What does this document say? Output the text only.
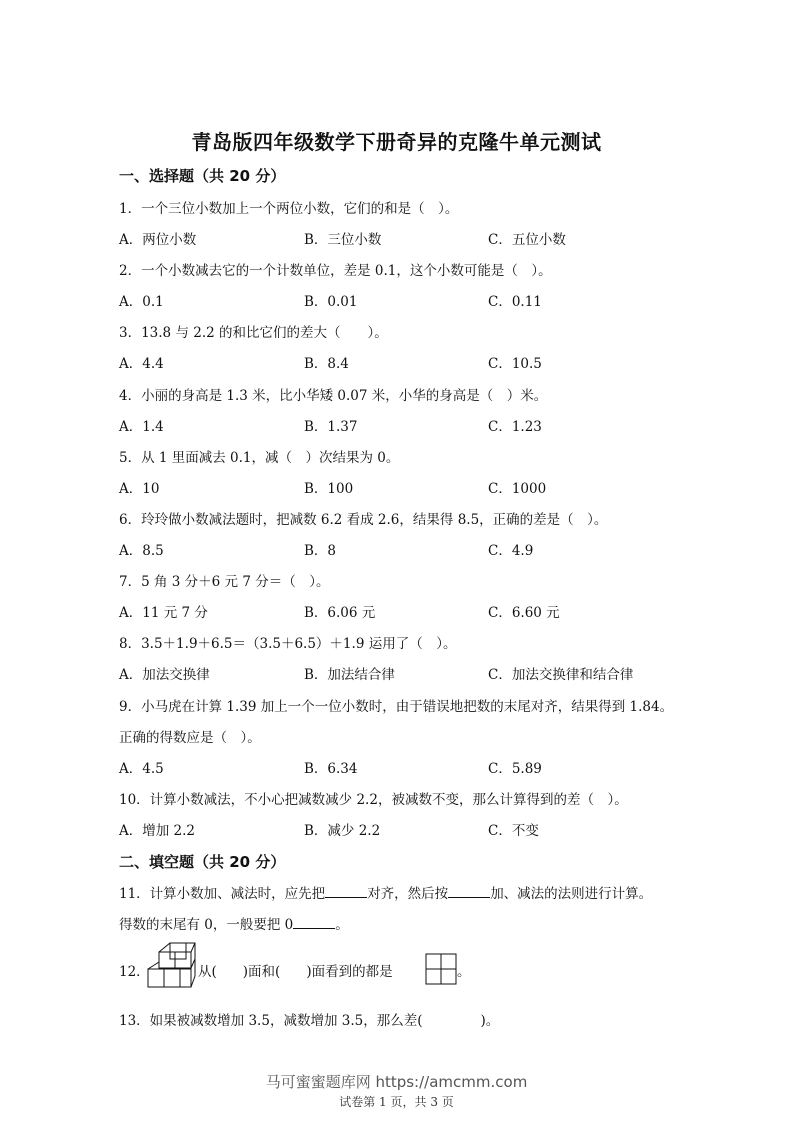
青岛版四年级数学下册奇异的克隆牛单元测试
一、选择题（共 20 分）
1．一个三位小数加上一个两位小数，它们的和是（　）。
A．两位小数	B．三位小数	C．五位小数
2．一个小数减去它的一个计数单位，差是 0.1，这个小数可能是（　）。
A．0.1	B．0.01	C．0.11
3．13.8 与 2.2 的和比它们的差大（　　）。
A．4.4	B．8.4	C．10.5
4．小丽的身高是 1.3 米，比小华矮 0.07 米，小华的身高是（　）米。
A．1.4	B．1.37	C．1.23
5．从 1 里面减去 0.1，减（　）次结果为 0。
A．10	B．100	C．1000
6．玲玲做小数减法题时，把减数 6.2 看成 2.6，结果得 8.5，正确的差是（　）。
A．8.5	B．8	C．4.9
7．5 角 3 分＋6 元 7 分＝（　）。
A．11 元 7 分	B．6.06 元	C．6.60 元
8．3.5＋1.9＋6.5＝（3.5＋6.5）＋1.9 运用了（　）。
A．加法交换律	B．加法结合律	C．加法交换律和结合律
9．小马虎在计算 1.39 加上一个一位小数时，由于错误地把数的末尾对齐，结果得到 1.84。
正确的得数应是（　）。
A．4.5	B．6.34	C．5.89
10．计算小数减法，不小心把减数减少 2.2，被减数不变，那么计算得到的差（　）。
A．增加 2.2	B．减少 2.2	C．不变
二、填空题（共 20 分）
11．计算小数加、减法时，应先把	对齐，然后按	加、减法的法则进行计算。
得数的末尾有 0，一般要把 0	。
12．	从( )面和( )面看到的都是	。
13．如果被减数增加 3.5，减数增加 3.5，那么差(	)。
马可蜜蜜题库网 https://amcmm.com
试卷第 1 页，共 3 页
